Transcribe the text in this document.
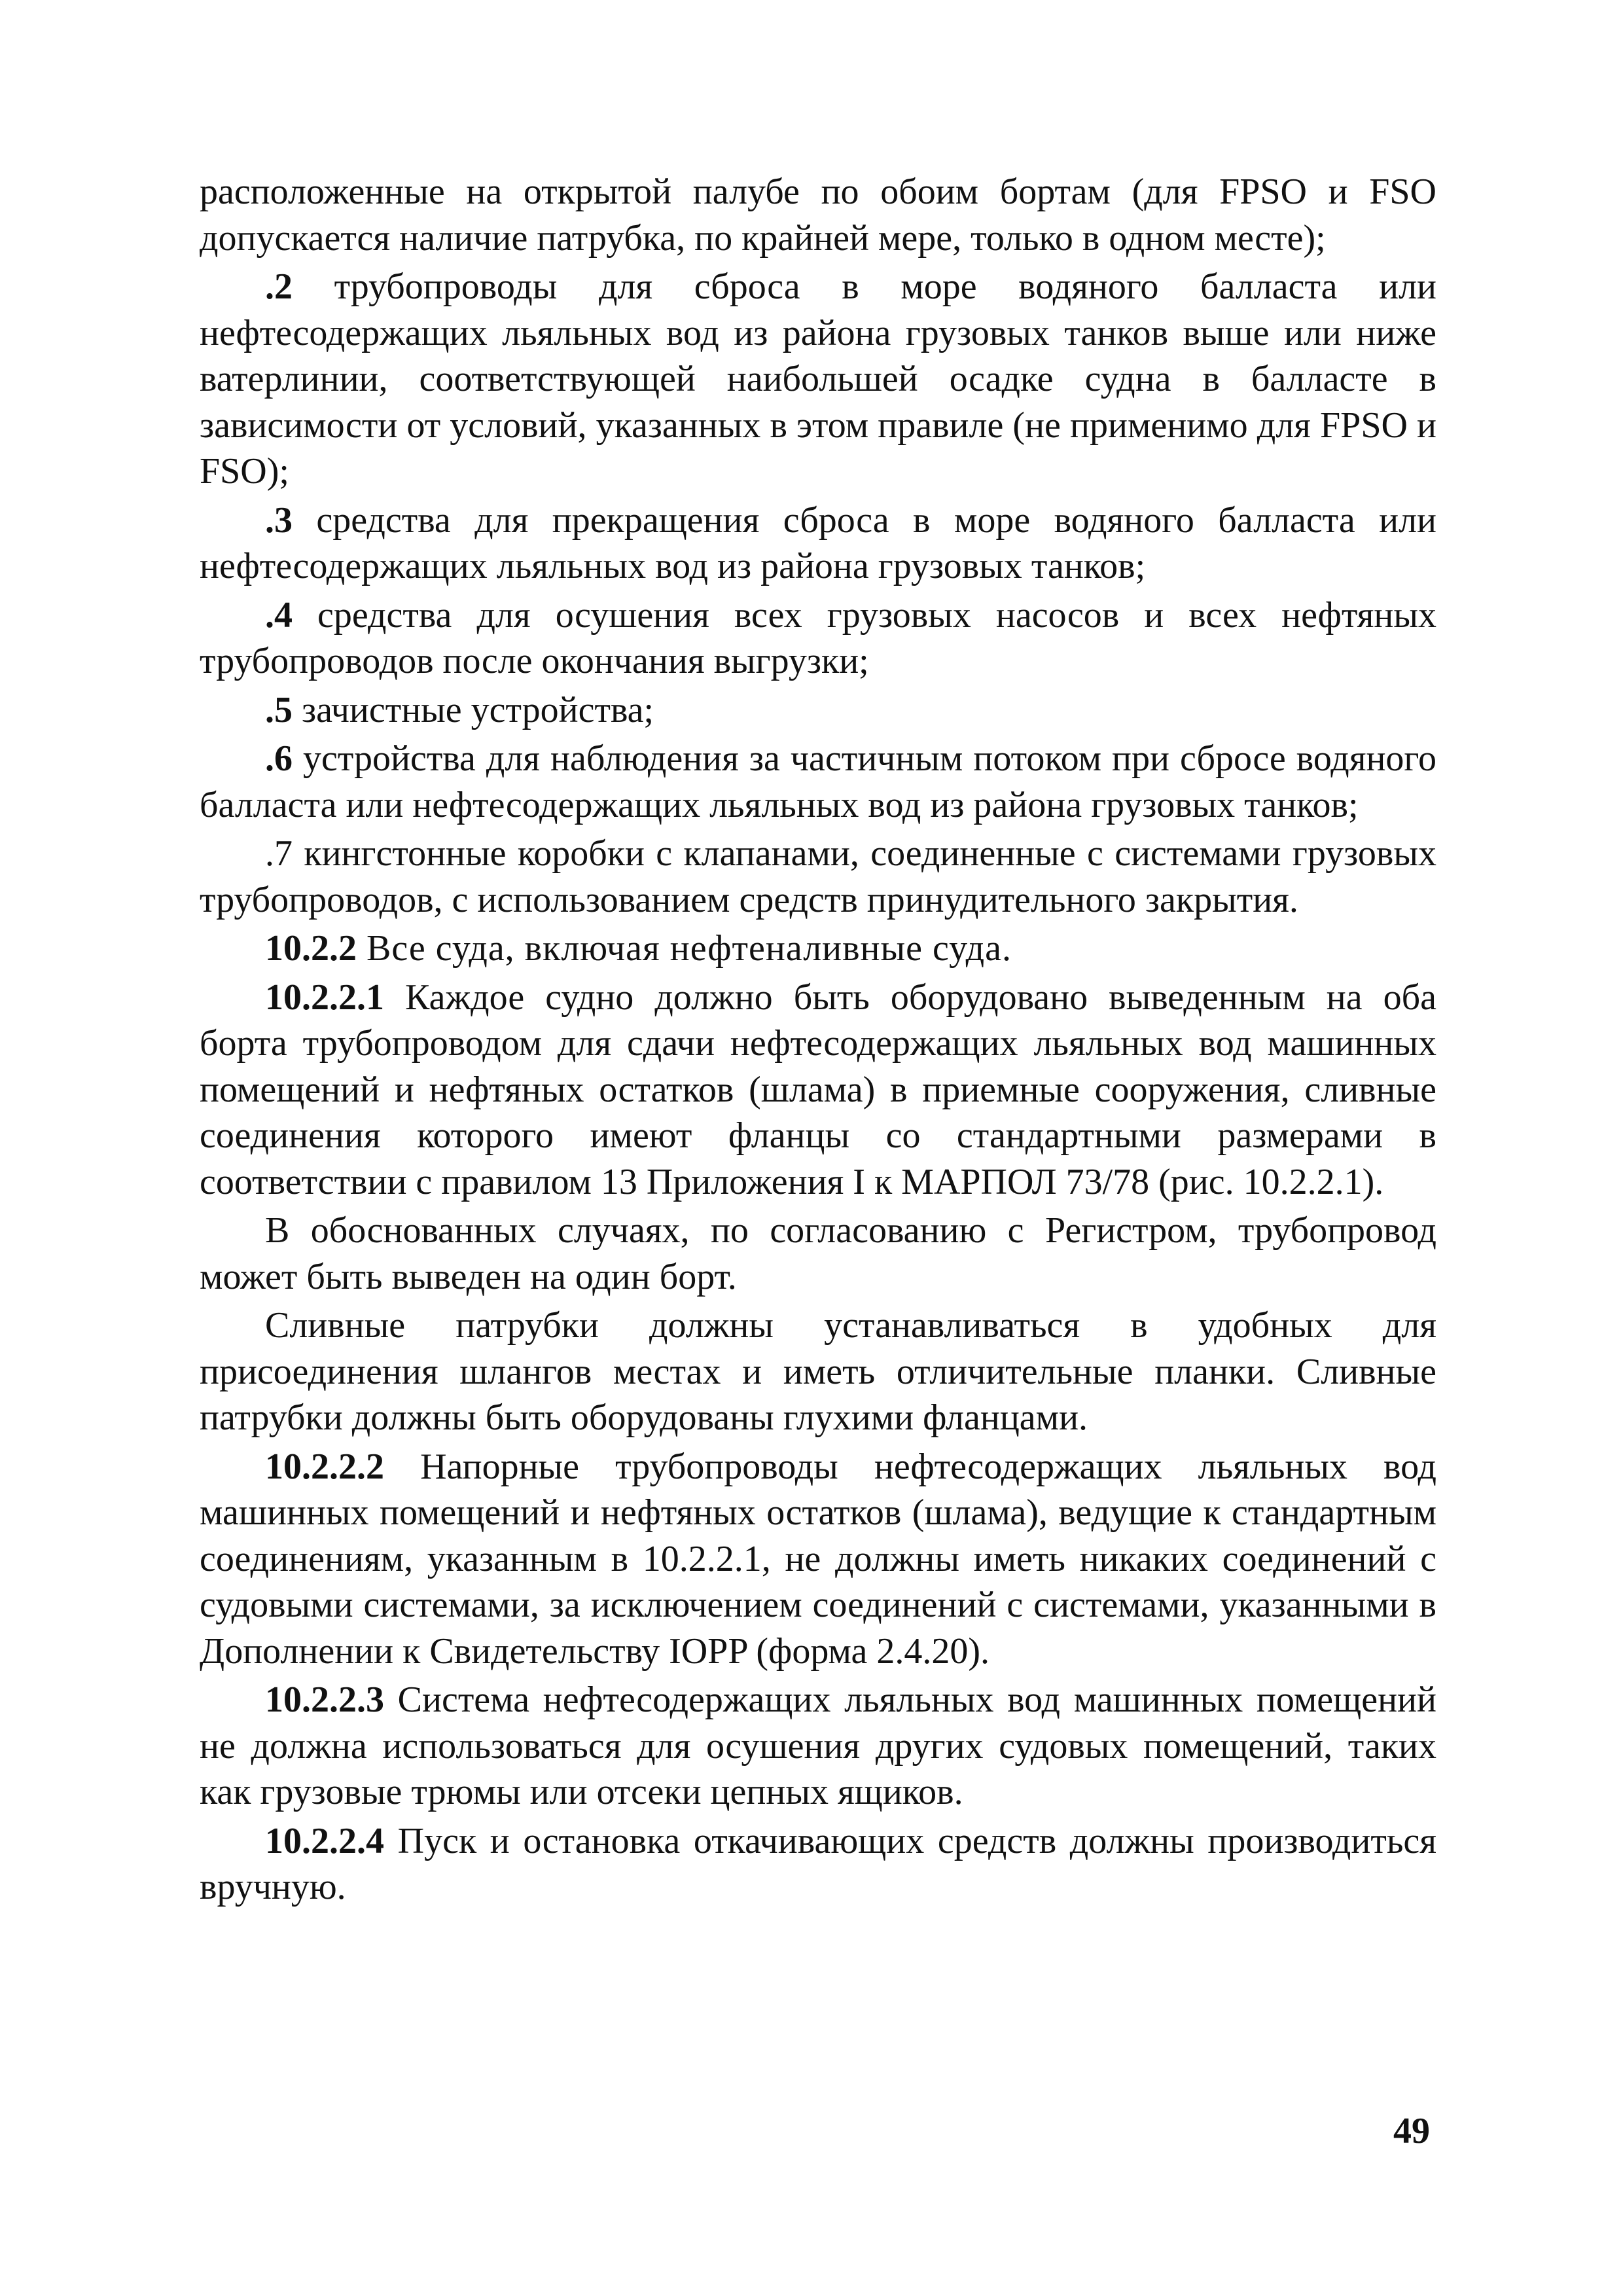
расположенные на открытой палубе по обоим бортам (для FPSO и FSO допускается наличие патрубка, по крайней мере, только в одном месте);

.2 трубопроводы для сброса в море водяного балласта или нефтесодержащих льяльных вод из района грузовых танков выше или ниже ватерлинии, соответствующей наибольшей осадке судна в балласте в зависимости от условий, указанных в этом правиле (не применимо для FPSO и FSO);

.3 средства для прекращения сброса в море водяного балласта или нефтесодержащих льяльных вод из района грузовых танков;

.4 средства для осушения всех грузовых насосов и всех нефтяных трубопроводов после окончания выгрузки;

.5 зачистные устройства;

.6 устройства для наблюдения за частичным потоком при сбросе водяного балласта или нефтесодержащих льяльных вод из района грузовых танков;

.7 кингстонные коробки с клапанами, соединенные с системами грузовых трубопроводов, с использованием средств принудительного закрытия.

10.2.2 Все суда, включая нефтеналивные суда.

10.2.2.1 Каждое судно должно быть оборудовано выведенным на оба борта трубопроводом для сдачи нефтесодержащих льяльных вод машинных помещений и нефтяных остатков (шлама) в приемные сооружения, сливные соединения которого имеют фланцы со стандартными размерами в соответствии с правилом 13 Приложения I к МАРПОЛ 73/78 (рис. 10.2.2.1).

В обоснованных случаях, по согласованию с Регистром, трубопровод может быть выведен на один борт.

Сливные патрубки должны устанавливаться в удобных для присоединения шлангов местах и иметь отличительные планки. Сливные патрубки должны быть оборудованы глухими фланцами.

10.2.2.2 Напорные трубопроводы нефтесодержащих льяльных вод машинных помещений и нефтяных остатков (шлама), ведущие к стандартным соединениям, указанным в 10.2.2.1, не должны иметь никаких соединений с судовыми системами, за исключением соединений с системами, указанными в Дополнении к Свидетельству IOPP (форма 2.4.20).

10.2.2.3 Система нефтесодержащих льяльных вод машинных помещений не должна использоваться для осушения других судовых помещений, таких как грузовые трюмы или отсеки цепных ящиков.

10.2.2.4 Пуск и остановка откачивающих средств должны производиться вручную.

49
